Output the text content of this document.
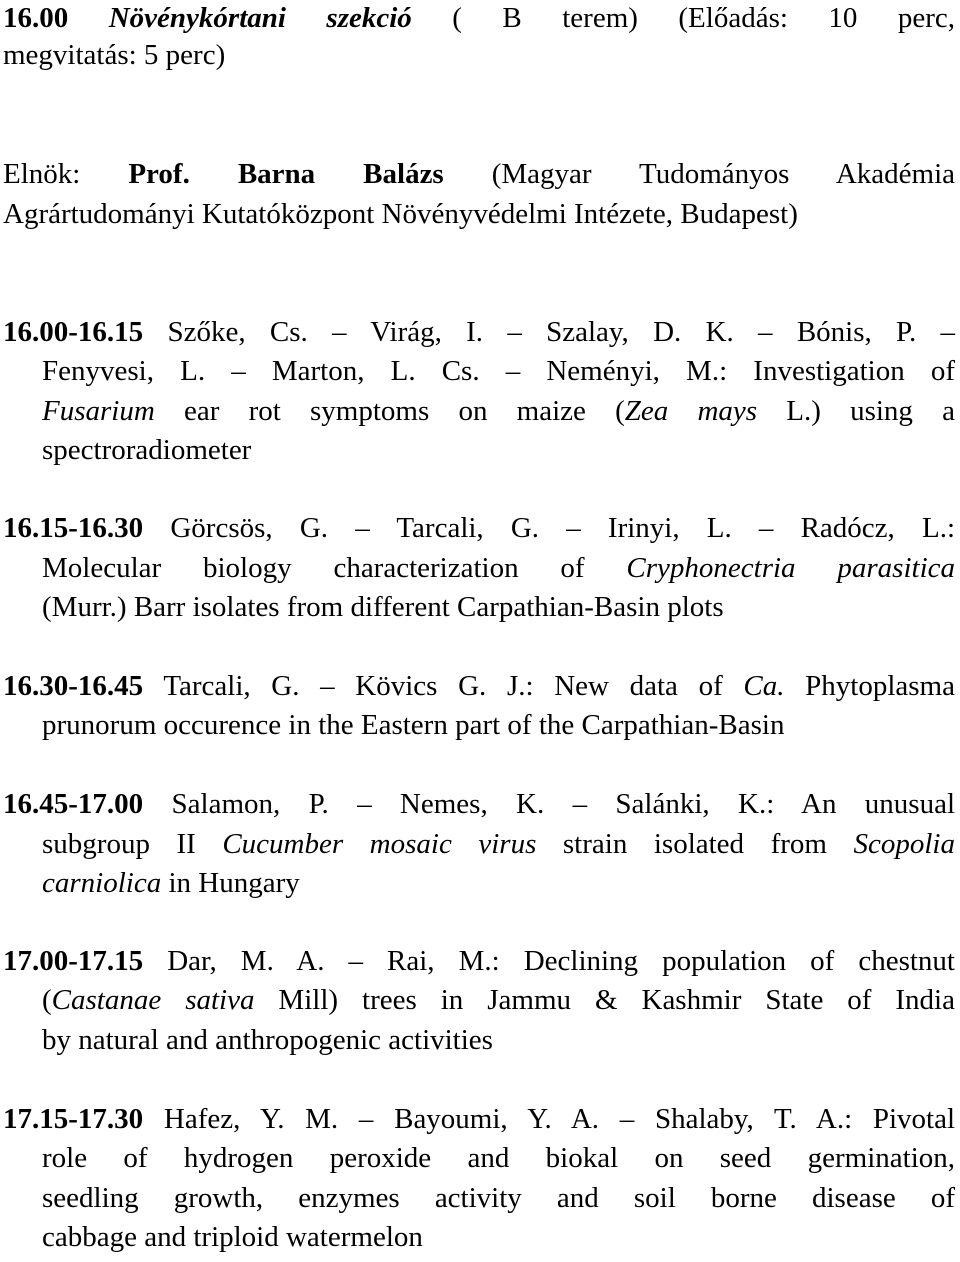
16.00 Növénykórtani szekció ( B terem) (Előadás: 10 perc,
megvitatás: 5 perc)
Elnök: Prof. Barna Balázs (Magyar Tudományos Akadémia
Agrártudományi Kutatóközpont Növényvédelmi Intézete, Budapest)
16.00-16.15 Szőke, Cs. – Virág, I. – Szalay, D. K. – Bónis, P. –
Fenyvesi, L. – Marton, L. Cs. – Neményi, M.: Investigation of
Fusarium ear rot symptoms on maize (Zea mays L.) using a
spectroradiometer
16.15-16.30 Görcsös, G. – Tarcali, G. – Irinyi, L. – Radócz, L.:
Molecular biology characterization of Cryphonectria parasitica
(Murr.) Barr isolates from different Carpathian-Basin plots
16.30-16.45 Tarcali, G. – Kövics G. J.: New data of Ca. Phytoplasma
prunorum occurence in the Eastern part of the Carpathian-Basin
16.45-17.00 Salamon, P. – Nemes, K. – Salánki, K.: An unusual
subgroup II Cucumber mosaic virus strain isolated from Scopolia
carniolica in Hungary
17.00-17.15 Dar, M. A. – Rai, M.: Declining population of chestnut
(Castanae sativa Mill) trees in Jammu & Kashmir State of India
by natural and anthropogenic activities
17.15-17.30 Hafez, Y. M. – Bayoumi, Y. A. – Shalaby, T. A.: Pivotal
role of hydrogen peroxide and biokal on seed germination,
seedling growth, enzymes activity and soil borne disease of
cabbage and triploid watermelon
